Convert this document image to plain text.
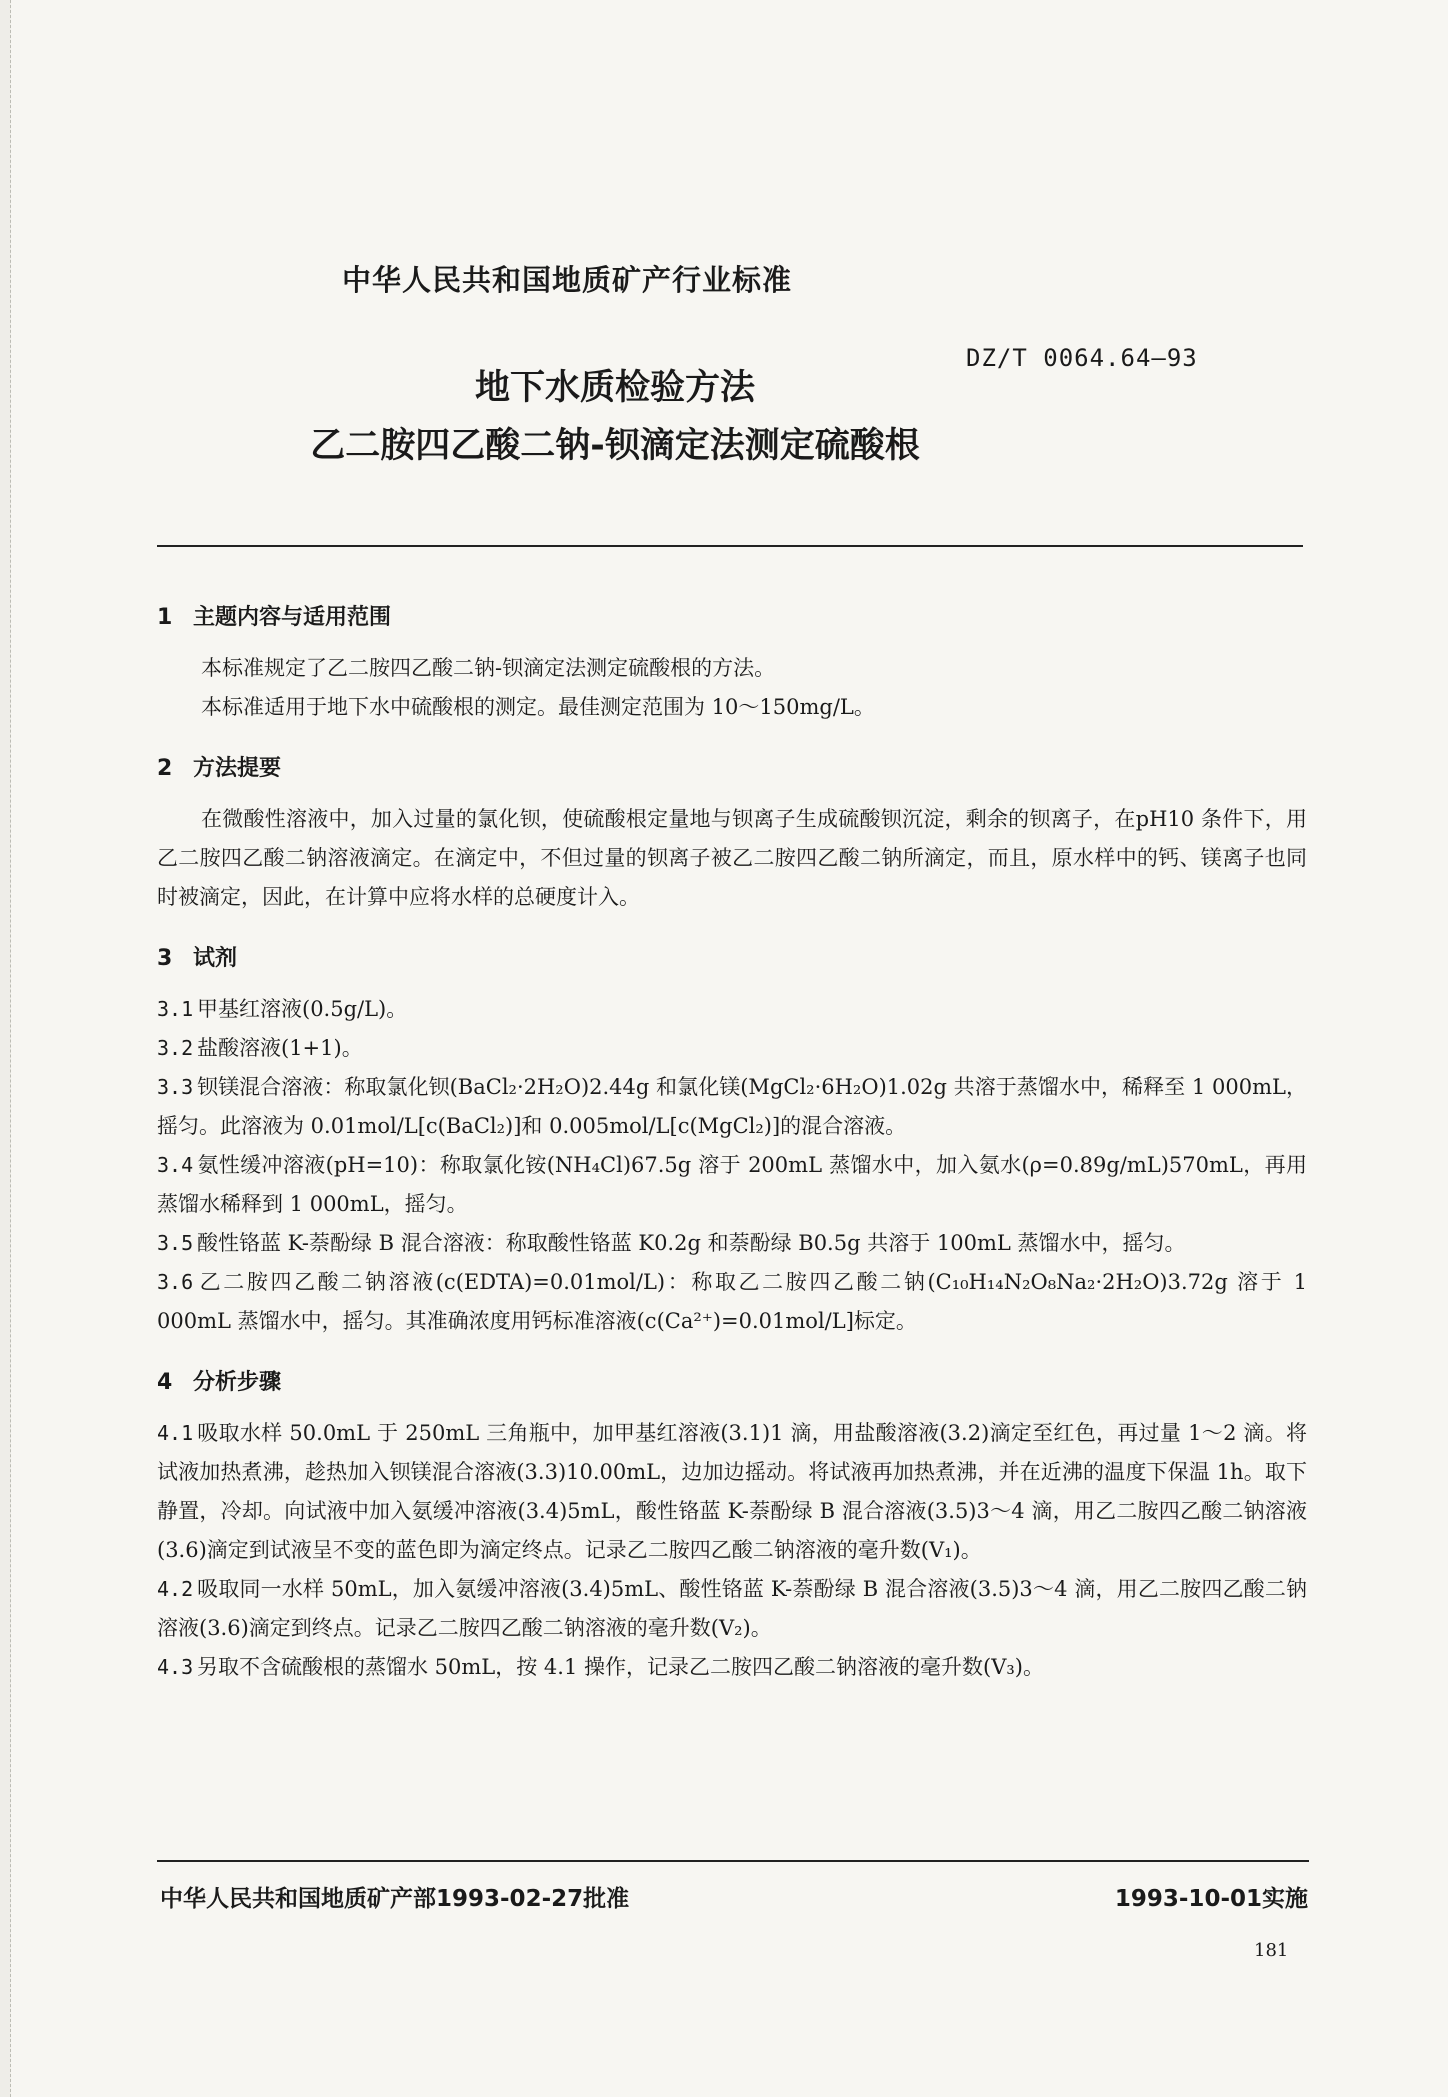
中华人民共和国地质矿产行业标准
DZ/T 0064.64—93
地下水质检验方法
乙二胺四乙酸二钠-钡滴定法测定硫酸根
1 主题内容与适用范围
本标准规定了乙二胺四乙酸二钠-钡滴定法测定硫酸根的方法。
本标准适用于地下水中硫酸根的测定。最佳测定范围为 10～150mg/L。
2 方法提要
在微酸性溶液中，加入过量的氯化钡，使硫酸根定量地与钡离子生成硫酸钡沉淀，剩余的钡离子，在pH10 条件下，用乙二胺四乙酸二钠溶液滴定。在滴定中，不但过量的钡离子被乙二胺四乙酸二钠所滴定，而且，原水样中的钙、镁离子也同时被滴定，因此，在计算中应将水样的总硬度计入。
3 试剂
3.1 甲基红溶液(0.5g/L)。
3.2 盐酸溶液(1+1)。
3.3 钡镁混合溶液：称取氯化钡(BaCl₂·2H₂O)2.44g 和氯化镁(MgCl₂·6H₂O)1.02g 共溶于蒸馏水中，稀释至 1 000mL，摇匀。此溶液为 0.01mol/L[c(BaCl₂)]和 0.005mol/L[c(MgCl₂)]的混合溶液。
3.4 氨性缓冲溶液(pH=10)：称取氯化铵(NH₄Cl)67.5g 溶于 200mL 蒸馏水中，加入氨水(ρ=0.89g/mL)570mL，再用蒸馏水稀释到 1 000mL，摇匀。
3.5 酸性铬蓝 K-萘酚绿 B 混合溶液：称取酸性铬蓝 K0.2g 和萘酚绿 B0.5g 共溶于 100mL 蒸馏水中，摇匀。
3.6 乙二胺四乙酸二钠溶液(c(EDTA)=0.01mol/L)：称取乙二胺四乙酸二钠(C₁₀H₁₄N₂O₈Na₂·2H₂O)3.72g 溶于 1 000mL 蒸馏水中，摇匀。其准确浓度用钙标准溶液(c(Ca²⁺)=0.01mol/L]标定。
4 分析步骤
4.1 吸取水样 50.0mL 于 250mL 三角瓶中，加甲基红溶液(3.1)1 滴，用盐酸溶液(3.2)滴定至红色，再过量 1～2 滴。将试液加热煮沸，趁热加入钡镁混合溶液(3.3)10.00mL，边加边摇动。将试液再加热煮沸，并在近沸的温度下保温 1h。取下静置，冷却。向试液中加入氨缓冲溶液(3.4)5mL，酸性铬蓝 K-萘酚绿 B 混合溶液(3.5)3～4 滴，用乙二胺四乙酸二钠溶液(3.6)滴定到试液呈不变的蓝色即为滴定终点。记录乙二胺四乙酸二钠溶液的毫升数(V₁)。
4.2 吸取同一水样 50mL，加入氨缓冲溶液(3.4)5mL、酸性铬蓝 K-萘酚绿 B 混合溶液(3.5)3～4 滴，用乙二胺四乙酸二钠溶液(3.6)滴定到终点。记录乙二胺四乙酸二钠溶液的毫升数(V₂)。
4.3 另取不含硫酸根的蒸馏水 50mL，按 4.1 操作，记录乙二胺四乙酸二钠溶液的毫升数(V₃)。
中华人民共和国地质矿产部1993-02-27批准	1993-10-01实施
181
